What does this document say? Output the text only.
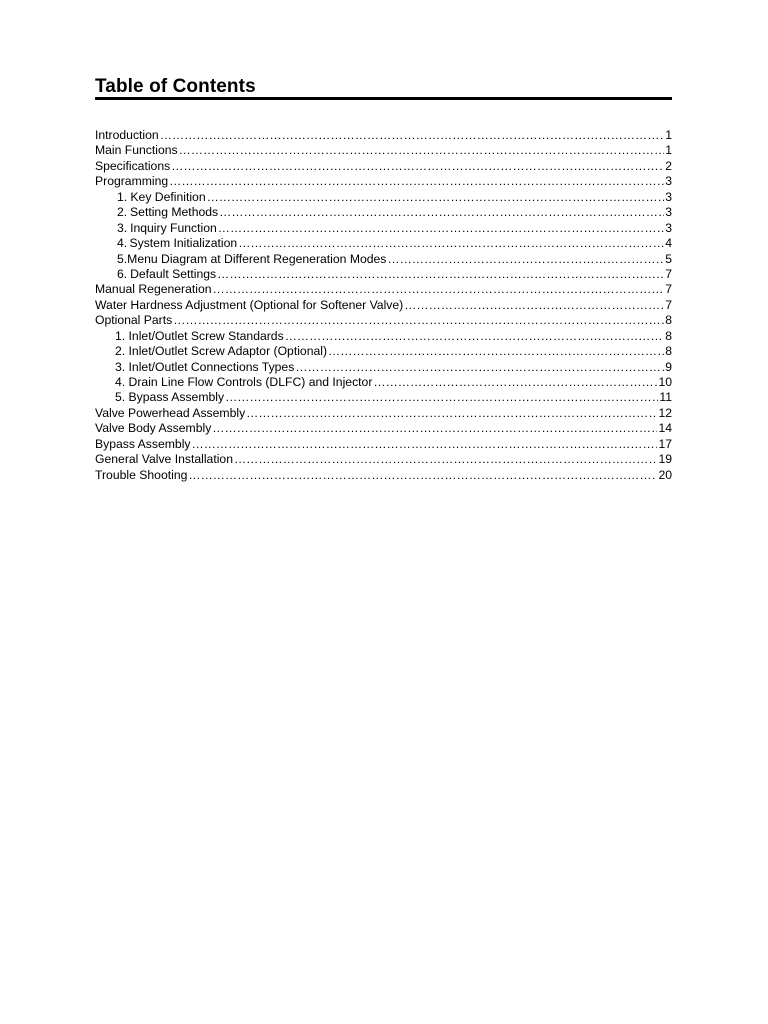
Table of Contents
Introduction …………………………………………………………………………………………………………………………………………………………………………………………	1
Main Functions …………………………………………………………………………………………………………………………………………………………………………………………	1
Specifications …………………………………………………………………………………………………………………………………………………………………………………………	2
Programming …………………………………………………………………………………………………………………………………………………………………………………………	3
1. Key Definition …………………………………………………………………………………………………………………………………………………………………………………………	3
2. Setting Methods …………………………………………………………………………………………………………………………………………………………………………………………	3
3. Inquiry Function …………………………………………………………………………………………………………………………………………………………………………………………	3
4. System Initialization …………………………………………………………………………………………………………………………………………………………………………………………	4
5. Menu Diagram at Different Regeneration Modes …………………………………………………………………………………………………………………………………………………………………………………………	5
6. Default Settings …………………………………………………………………………………………………………………………………………………………………………………………	7
Manual Regeneration …………………………………………………………………………………………………………………………………………………………………………………………	7
Water Hardness Adjustment (Optional for Softener Valve) …………………………………………………………………………………………………………………………………………………………………………………………	7
Optional Parts …………………………………………………………………………………………………………………………………………………………………………………………	8
1. Inlet/Outlet Screw Standards …………………………………………………………………………………………………………………………………………………………………………………………	8
2. Inlet/Outlet Screw Adaptor (Optional) …………………………………………………………………………………………………………………………………………………………………………………………	8
3. Inlet/Outlet Connections Types …………………………………………………………………………………………………………………………………………………………………………………………	9
4. Drain Line Flow Controls (DLFC) and Injector …………………………………………………………………………………………………………………………………………………………………………………………	10
5. Bypass Assembly …………………………………………………………………………………………………………………………………………………………………………………………	11
Valve Powerhead Assembly …………………………………………………………………………………………………………………………………………………………………………………………	12
Valve Body Assembly …………………………………………………………………………………………………………………………………………………………………………………………	14
Bypass Assembly …………………………………………………………………………………………………………………………………………………………………………………………	17
General Valve Installation …………………………………………………………………………………………………………………………………………………………………………………………	19
Trouble Shooting …………………………………………………………………………………………………………………………………………………………………………………………	20
